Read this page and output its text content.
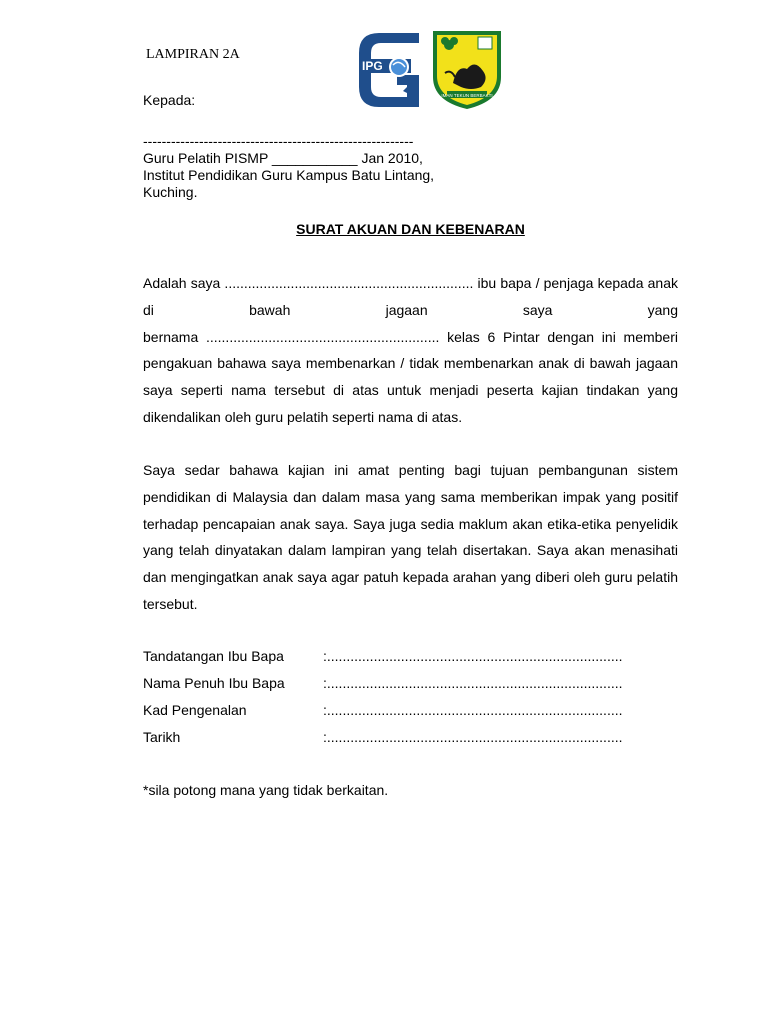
LAMPIRAN 2A
IPG
IMAN TEKUN BERBAKTI
Kepada:
----------------------------------------------------------
Guru Pelatih PISMP ___________ Jan 2010,
Institut Pendidikan Guru Kampus Batu Lintang,
Kuching.
SURAT AKUAN DAN KEBENARAN
Adalah saya ................................................................ ibu bapa / penjaga kepada anak di bawah jagaan saya yang
bernama ............................................................ kelas 6 Pintar dengan ini memberi pengakuan bahawa saya membenarkan / tidak membenarkan anak di bawah jagaan saya seperti nama tersebut di atas untuk menjadi peserta kajian tindakan yang dikendalikan oleh guru pelatih seperti nama di atas.
Saya sedar bahawa kajian ini amat penting bagi tujuan pembangunan sistem pendidikan di Malaysia dan dalam masa yang sama memberikan impak yang positif terhadap pencapaian anak saya. Saya juga sedia maklum akan etika-etika penyelidik yang telah dinyatakan dalam lampiran yang telah disertakan. Saya akan menasihati dan mengingatkan anak saya agar patuh kepada arahan yang diberi oleh guru pelatih tersebut.
Tandatangan Ibu Bapa	:............................................................................
Nama Penuh Ibu Bapa	:............................................................................
Kad Pengenalan	:............................................................................
Tarikh	:............................................................................
*sila potong mana yang tidak berkaitan.
